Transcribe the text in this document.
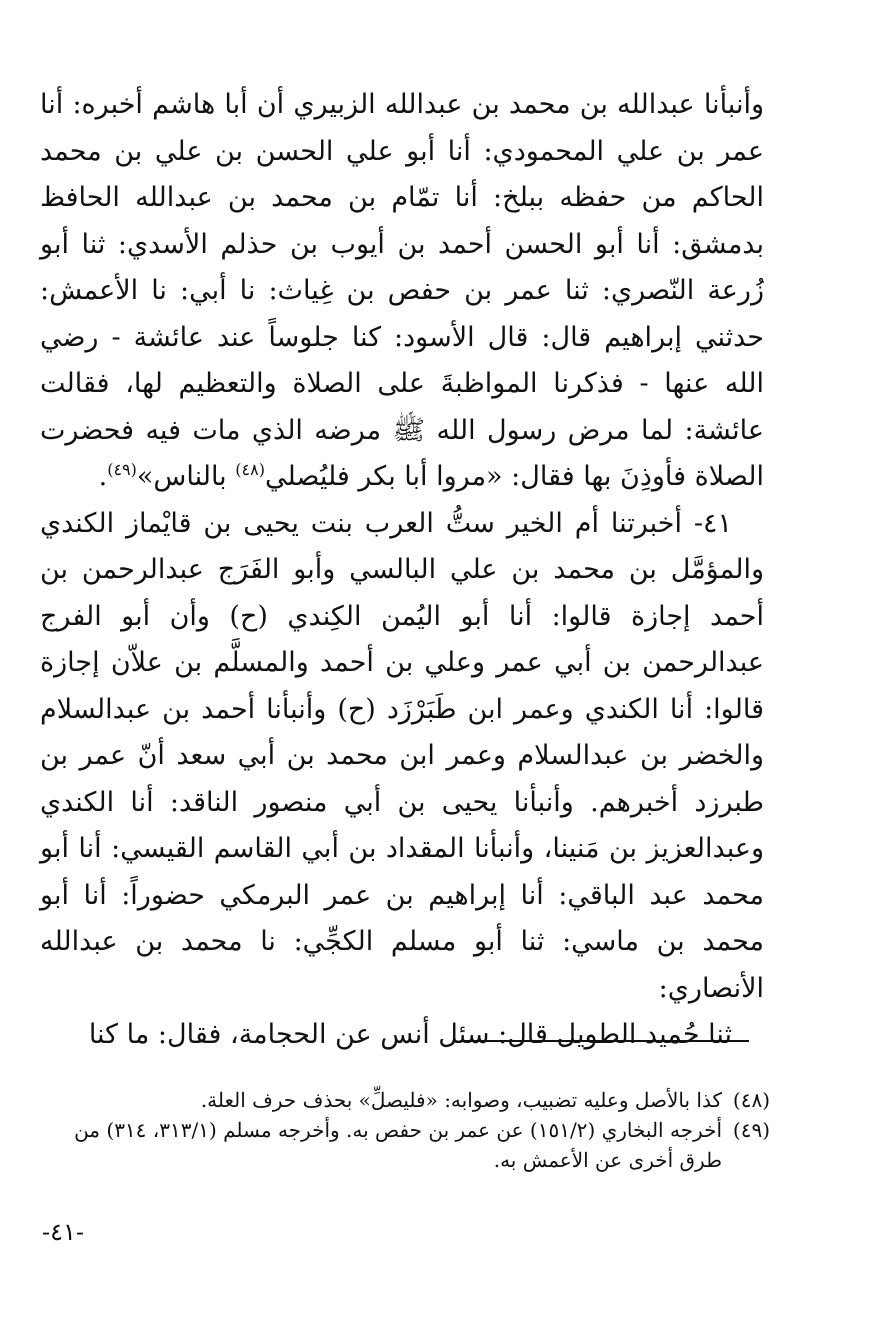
وأنبأنا عبدالله بن محمد بن عبدالله الزبيري أن أبا هاشم أخبره: أنا عمر بن علي المحمودي: أنا أبو علي الحسن بن علي بن محمد الحاكم من حفظه ببلخ: أنا تمّام بن محمد بن عبدالله الحافظ بدمشق: أنا أبو الحسن أحمد بن أيوب بن حذلم الأسدي: ثنا أبو زُرعة النّصري: ثنا عمر بن حفص بن غِياث: نا أبي: نا الأعمش: حدثني إبراهيم قال: قال الأسود: كنا جلوساً عند عائشة - رضي الله عنها - فذكرنا المواظبةَ على الصلاة والتعظيم لها، فقالت عائشة: لما مرض رسول الله ﷺ مرضه الذي مات فيه فحضرت الصلاة فأوذِنَ بها فقال: «مروا أبا بكر فليُصلي$^{(٤٨)}$ بالناس»$^{(٤٩)}$.

٤١- أخبرتنا أم الخير ستُّ العرب بنت يحيى بن قايْماز الكندي والمؤمَّل بن محمد بن علي البالسي وأبو الفَرَج عبدالرحمن بن أحمد إجازة قالوا: أنا أبو اليُمن الكِندي (ح) وأن أبو الفرج عبدالرحمن بن أبي عمر وعلي بن أحمد والمسلَّم بن علاّن إجازة قالوا: أنا الكندي وعمر ابن طَبَرْزَد (ح) وأنبأنا أحمد بن عبدالسلام والخضر بن عبدالسلام وعمر ابن محمد بن أبي سعد أنّ عمر بن طبرزد أخبرهم. وأنبأنا يحيى بن أبي منصور الناقد: أنا الكندي وعبدالعزيز بن مَنينا، وأنبأنا المقداد بن أبي القاسم القيسي: أنا أبو محمد عبد الباقي: أنا إبراهيم بن عمر البرمكي حضوراً: أنا أبو محمد بن ماسي: ثنا أبو مسلم الكجِّي: نا محمد بن عبدالله الأنصاري:

ثنا حُميد الطويل قال: سئل أنس عن الحجامة، فقال: ما كنا

(٤٨)
كذا بالأصل وعليه تضبيب، وصوابه: «فليصلِّ» بحذف حرف العلة.

(٤٩)
أخرجه البخاري (١٥١/٢) عن عمر بن حفص به. وأخرجه مسلم (٣١٣/١، ٣١٤) من طرق أخرى عن الأعمش به.

-٤١-
